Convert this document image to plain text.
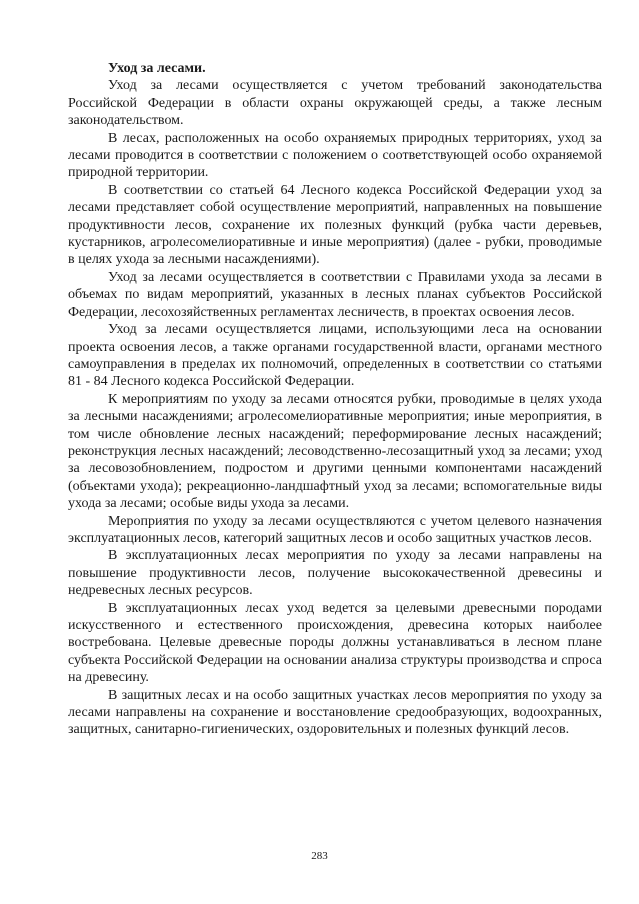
Уход за лесами.

Уход за лесами осуществляется с учетом требований законодательства Российской Федерации в области охраны окружающей среды, а также лесным законодательством.

В лесах, расположенных на особо охраняемых природных территориях, уход за лесами проводится в соответствии с положением о соответствующей особо охраняемой природной территории.

В соответствии со статьей 64 Лесного кодекса Российской Федерации уход за лесами представляет собой осуществление мероприятий, направленных на повышение продуктивности лесов, сохранение их полезных функций (рубка части деревьев, кустарников, агролесомелиоративные и иные мероприятия) (далее - рубки, проводимые в целях ухода за лесными насаждениями).

Уход за лесами осуществляется в соответствии с Правилами ухода за лесами в объемах по видам мероприятий, указанных в лесных планах субъектов Российской Федерации, лесохозяйственных регламентах лесничеств, в проектах освоения лесов.

Уход за лесами осуществляется лицами, использующими леса на основании проекта освоения лесов, а также органами государственной власти, органами местного самоуправления в пределах их полномочий, определенных в соответствии со статьями 81 - 84 Лесного кодекса Российской Федерации.

К мероприятиям по уходу за лесами относятся рубки, проводимые в целях ухода за лесными насаждениями; агролесомелиоративные мероприятия; иные мероприятия, в том числе обновление лесных насаждений; переформирование лесных насаждений; реконструкция лесных насаждений; лесоводственно-лесозащитный уход за лесами; уход за лесовозобновлением, подростом и другими ценными компонентами насаждений (объектами ухода); рекреационно-ландшафтный уход за лесами; вспомогательные виды ухода за лесами; особые виды ухода за лесами.

Мероприятия по уходу за лесами осуществляются с учетом целевого назначения эксплуатационных лесов, категорий защитных лесов и особо защитных участков лесов.

В эксплуатационных лесах мероприятия по уходу за лесами направлены на повышение продуктивности лесов, получение высококачественной древесины и недревесных лесных ресурсов.

В эксплуатационных лесах уход ведется за целевыми древесными породами искусственного и естественного происхождения, древесина которых наиболее востребована. Целевые древесные породы должны устанавливаться в лесном плане субъекта Российской Федерации на основании анализа структуры производства и спроса на древесину.

В защитных лесах и на особо защитных участках лесов мероприятия по уходу за лесами направлены на сохранение и восстановление средообразующих, водоохранных, защитных, санитарно-гигиенических, оздоровительных и полезных функций лесов.

283
